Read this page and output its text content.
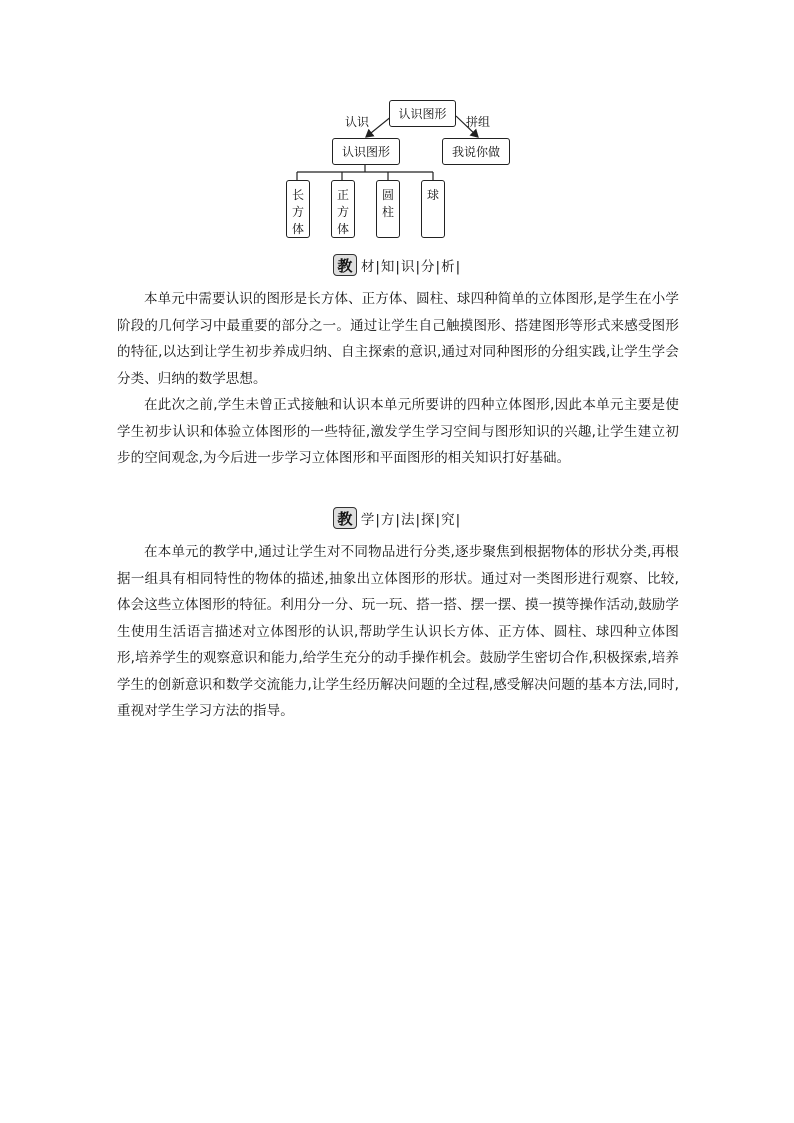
认识图形
认识	拼组
认识图形	我说你做
长
方
体
正
方
体
圆
柱
球
教 材|知|识|分|析|
本单元中需要认识的图形是长方体、正方体、圆柱、球四种简单的立体图形,是学生在小学阶段的几何学习中最重要的部分之一。通过让学生自己触摸图形、搭建图形等形式来感受图形的特征,以达到让学生初步养成归纳、自主探索的意识,通过对同种图形的分组实践,让学生学会分类、归纳的数学思想。
在此次之前,学生未曾正式接触和认识本单元所要讲的四种立体图形,因此本单元主要是使学生初步认识和体验立体图形的一些特征,激发学生学习空间与图形知识的兴趣,让学生建立初步的空间观念,为今后进一步学习立体图形和平面图形的相关知识打好基础。
教 学|方|法|探|究|
在本单元的教学中,通过让学生对不同物品进行分类,逐步聚焦到根据物体的形状分类,再根据一组具有相同特性的物体的描述,抽象出立体图形的形状。通过对一类图形进行观察、比较,体会这些立体图形的特征。利用分一分、玩一玩、搭一搭、摆一摆、摸一摸等操作活动,鼓励学生使用生活语言描述对立体图形的认识,帮助学生认识长方体、正方体、圆柱、球四种立体图形,培养学生的观察意识和能力,给学生充分的动手操作机会。鼓励学生密切合作,积极探索,培养学生的创新意识和数学交流能力,让学生经历解决问题的全过程,感受解决问题的基本方法,同时,重视对学生学习方法的指导。
